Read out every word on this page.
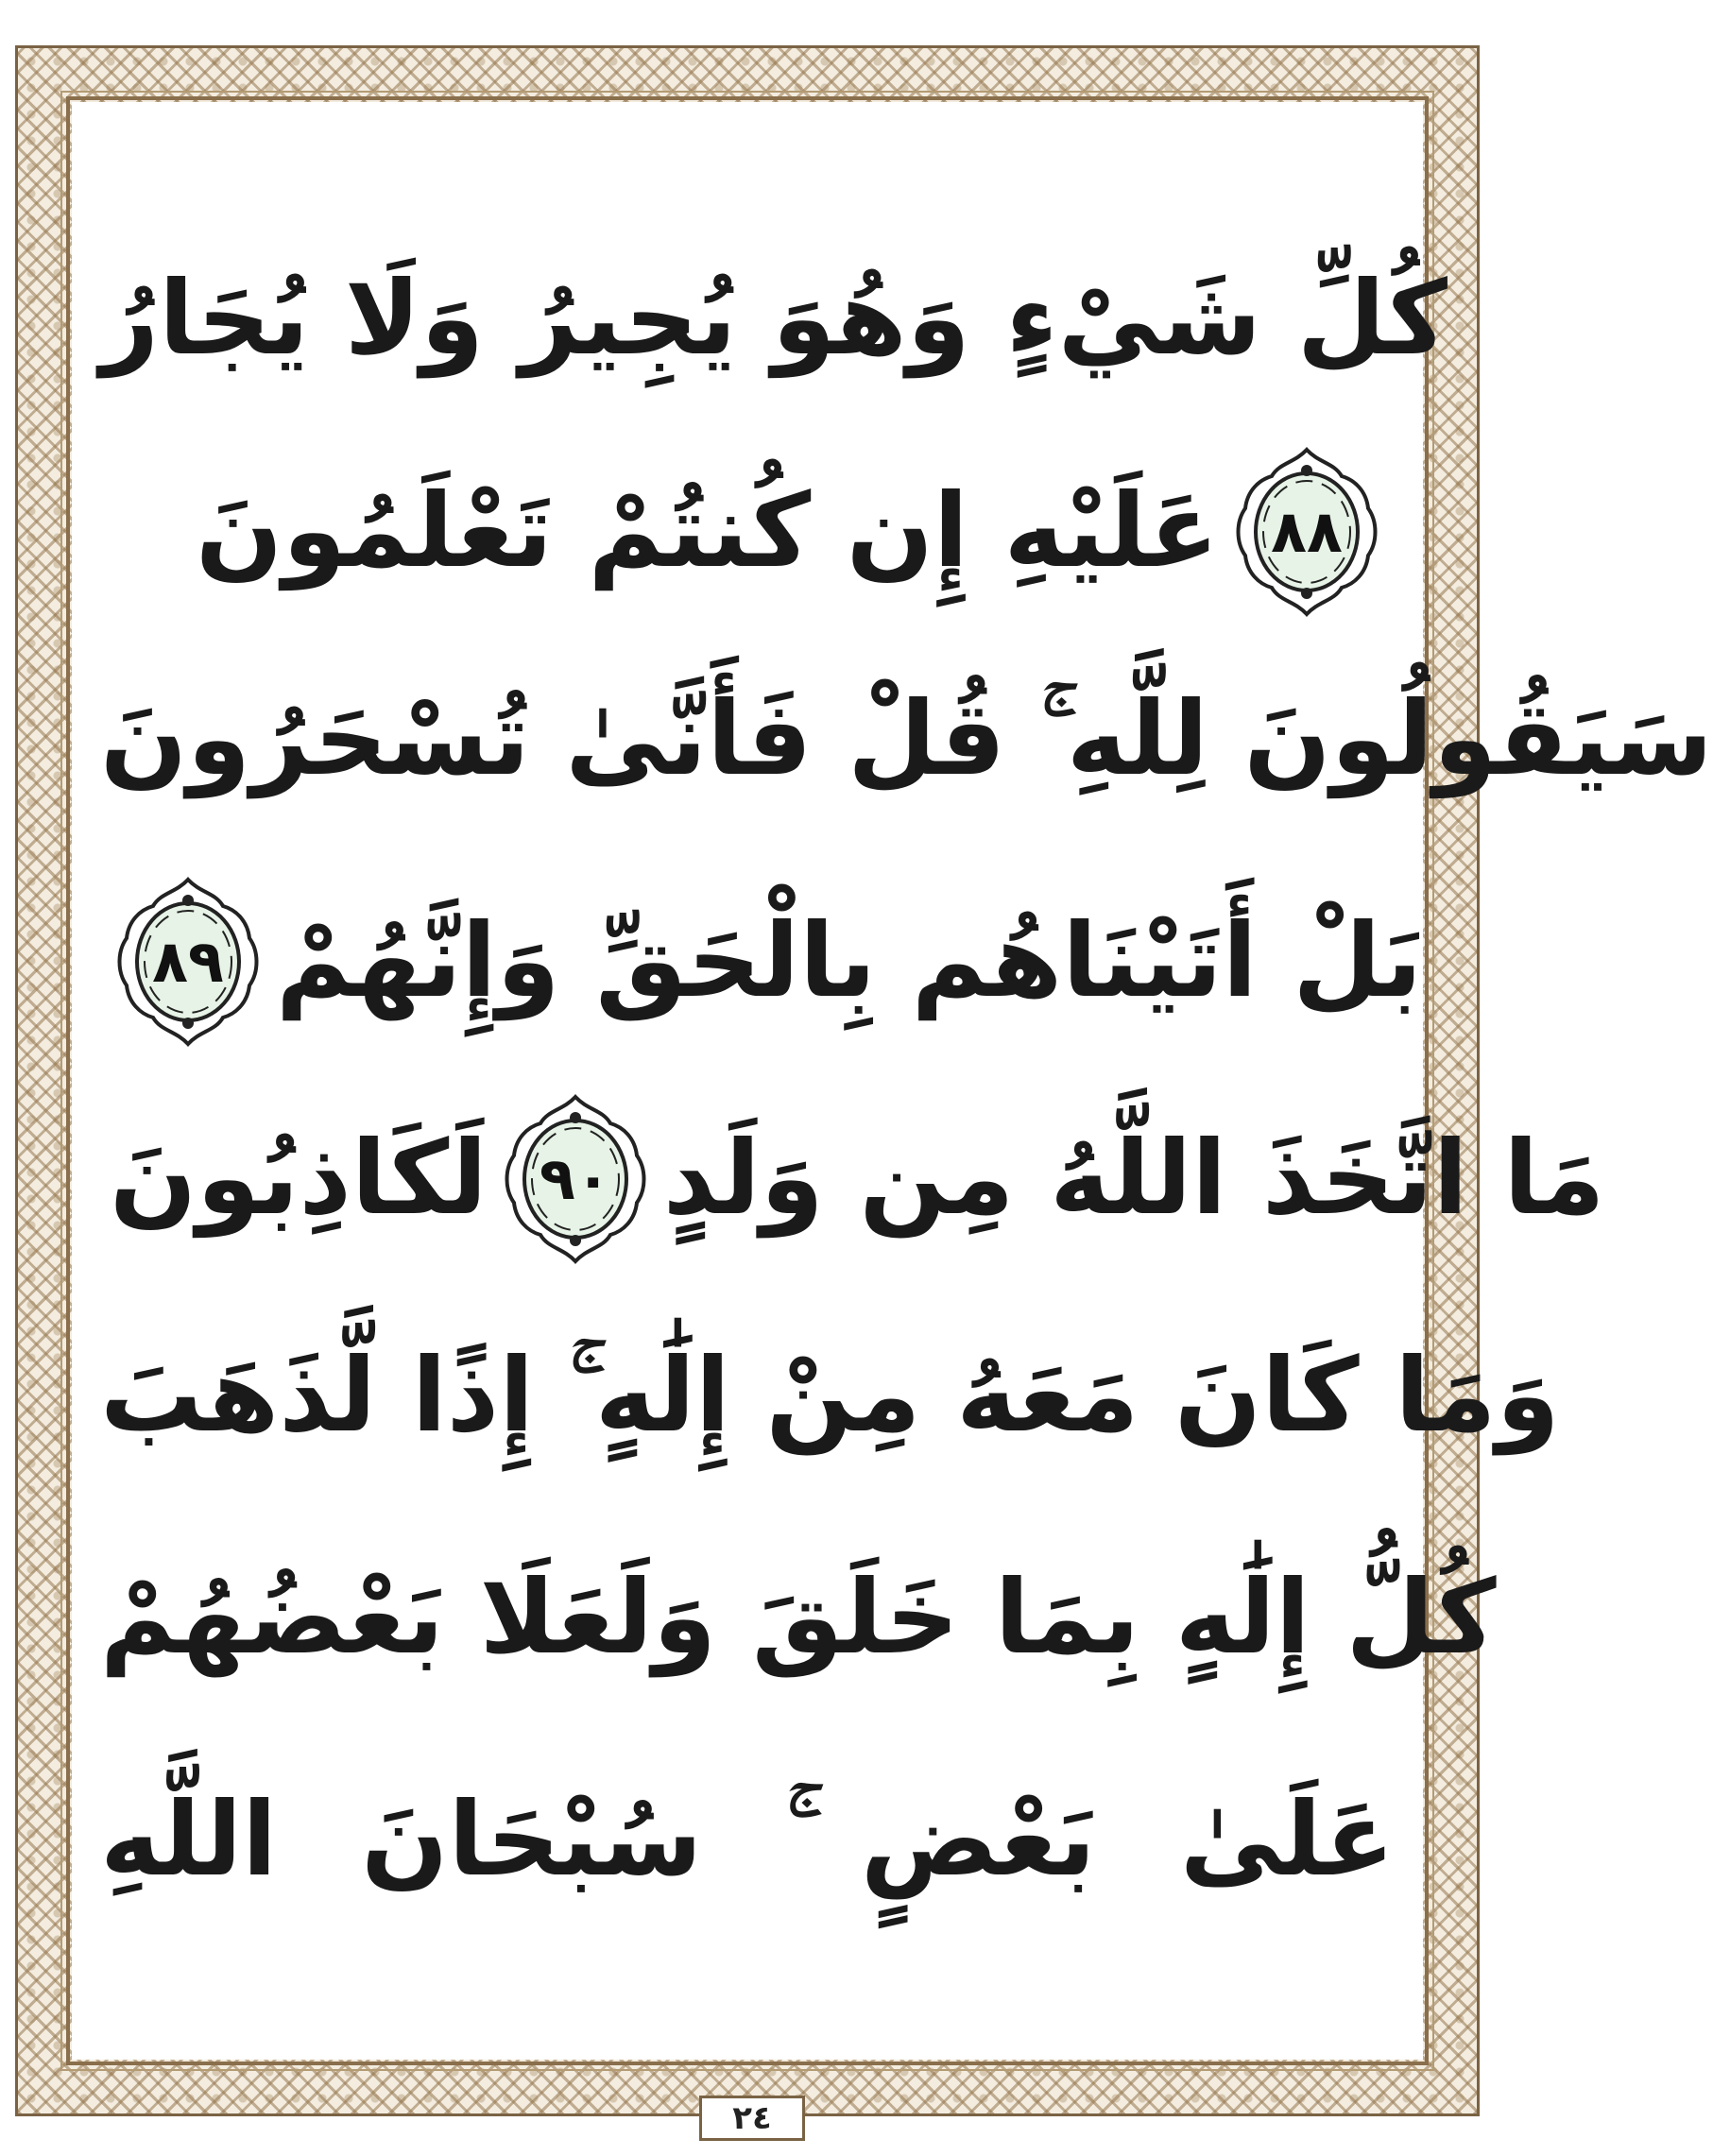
كُلِّ شَيْءٍ وَهُوَ يُجِيرُ وَلَا يُجَارُ
عَلَيْهِ إِن كُنتُمْ تَعْلَمُونَ ٨٨
سَيَقُولُونَ لِلَّهِ ۚ قُلْ فَأَنَّىٰ تُسْحَرُونَ
٨٩ بَلْ أَتَيْنَاهُم بِالْحَقِّ وَإِنَّهُمْ
لَكَاذِبُونَ ٩٠ مَا اتَّخَذَ اللَّهُ مِن وَلَدٍ
وَمَا كَانَ مَعَهُ مِنْ إِلَٰهٍ ۚ إِذًا لَّذَهَبَ
كُلُّ إِلَٰهٍ بِمَا خَلَقَ وَلَعَلَا بَعْضُهُمْ
عَلَىٰ بَعْضٍ ۚ سُبْحَانَ اللَّهِ
٢٤
